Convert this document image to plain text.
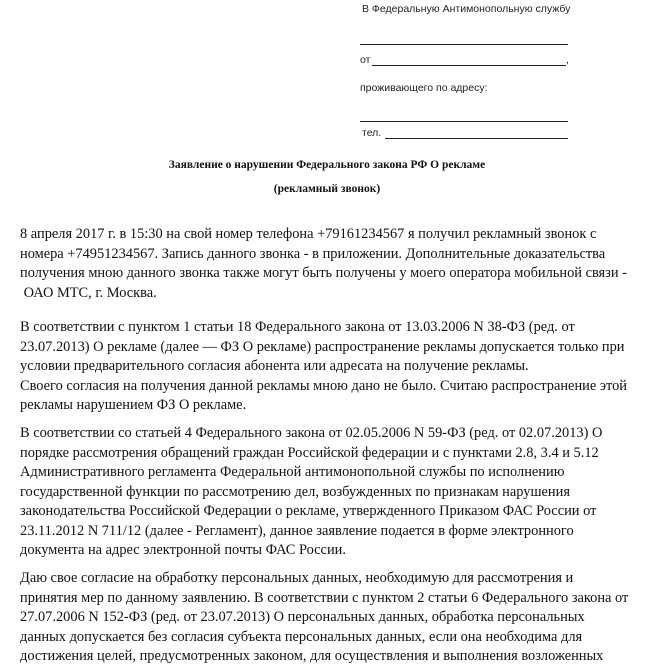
В Федеральную Антимонопольную службу
от	,
проживающего по адресу:
тел.
Заявление о нарушении Федерального закона РФ О рекламе
(рекламный звонок)
8 апреля 2017 г. в 15:30 на свой номер телефона +79161234567 я получил рекламный звонок с
номера +74951234567. Запись данного звонка - в приложении. Дополнительные доказательства
получения мною данного звонка также могут быть получены у моего оператора мобильной связи -
ОАО МТС, г. Москва.
В соответствии с пунктом 1 статьи 18 Федерального закона от 13.03.2006 N 38-ФЗ (ред. от
23.07.2013) О рекламе (далее — ФЗ О рекламе) распространение рекламы допускается только при
условии предварительного согласия абонента или адресата на получение рекламы.
Своего согласия на получения данной рекламы мною дано не было. Считаю распространение этой
рекламы нарушением ФЗ О рекламе.
В соответствии со статьей 4 Федерального закона от 02.05.2006 N 59-ФЗ (ред. от 02.07.2013) О
порядке рассмотрения обращений граждан Российской федерации и с пунктами 2.8, 3.4 и 5.12
Административного регламента Федеральной антимонопольной службы по исполнению
государственной функции по рассмотрению дел, возбужденных по признакам нарушения
законодательства Российской Федерации о рекламе, утвержденного Приказом ФАС России от
23.11.2012 N 711/12 (далее - Регламент), данное заявление подается в форме электронного
документа на адрес электронной почты ФАС России.
Даю свое согласие на обработку персональных данных, необходимую для рассмотрения и
принятия мер по данному заявлению. В соответствии с пунктом 2 статьи 6 Федерального закона от
27.07.2006 N 152-ФЗ (ред. от 23.07.2013) О персональных данных, обработка персональных
данных допускается без согласия субъекта персональных данных, если она необходима для
достижения целей, предусмотренных законом, для осуществления и выполнения возложенных
